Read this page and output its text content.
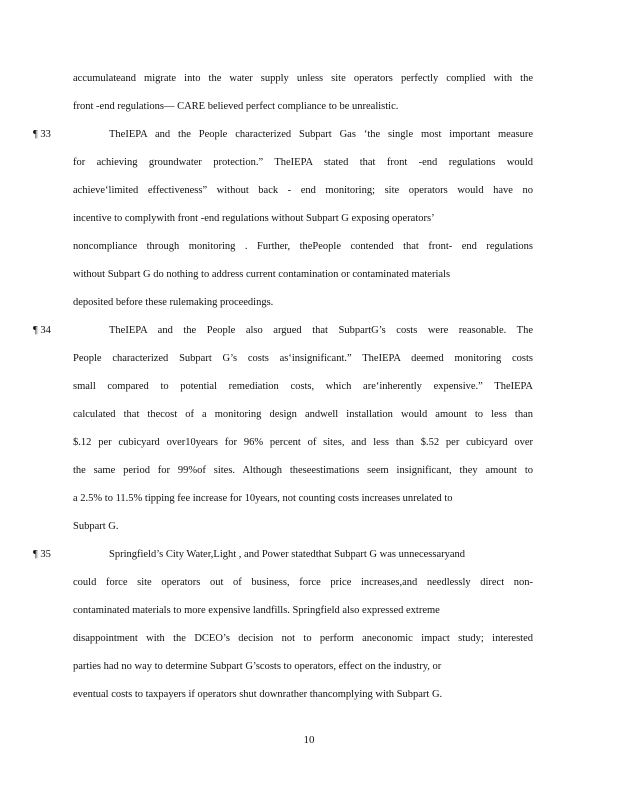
accumulateand migrate into the water supply unless site operators perfectly complied with the
front -end regulations— CARE believed perfect compliance to be unrealistic.
¶ 33	TheIEPA and the People characterized Subpart Gas ‘the single most important measure
for achieving groundwater protection.” TheIEPA stated that front -end regulations would
achieve‘limited effectiveness” without back - end monitoring; site operators would have no
incentive to complywith front -end regulations without Subpart G exposing operators’
noncompliance through monitoring . Further, thePeople contended that front- end regulations
without Subpart G do nothing to address current contamination or contaminated materials
deposited before these rulemaking proceedings.
¶ 34	TheIEPA and the People also argued that SubpartG’s costs were reasonable. The
People characterized Subpart G’s costs as‘insignificant.” TheIEPA deemed monitoring costs
small compared to potential remediation costs, which are‘inherently expensive.” TheIEPA
calculated that thecost of a monitoring design andwell installation would amount to less than
$.12 per cubicyard over10years for 96% percent of sites, and less than $.52 per cubicyard over
the same period for 99%of sites. Although theseestimations seem insignificant, they amount to
a 2.5% to 11.5% tipping fee increase for 10years, not counting costs increases unrelated to
Subpart G.
¶ 35	Springfield’s City Water,Light , and Power statedthat Subpart G was unnecessaryand
could force site operators out of business, force price increases,and needlessly direct non-
contaminated materials to more expensive landfills. Springfield also expressed extreme
disappointment with the DCEO’s decision not to perform aneconomic impact study; interested
parties had no way to determine Subpart G’scosts to operators, effect on the industry, or
eventual costs to taxpayers if operators shut downrather thancomplying with Subpart G.
10
